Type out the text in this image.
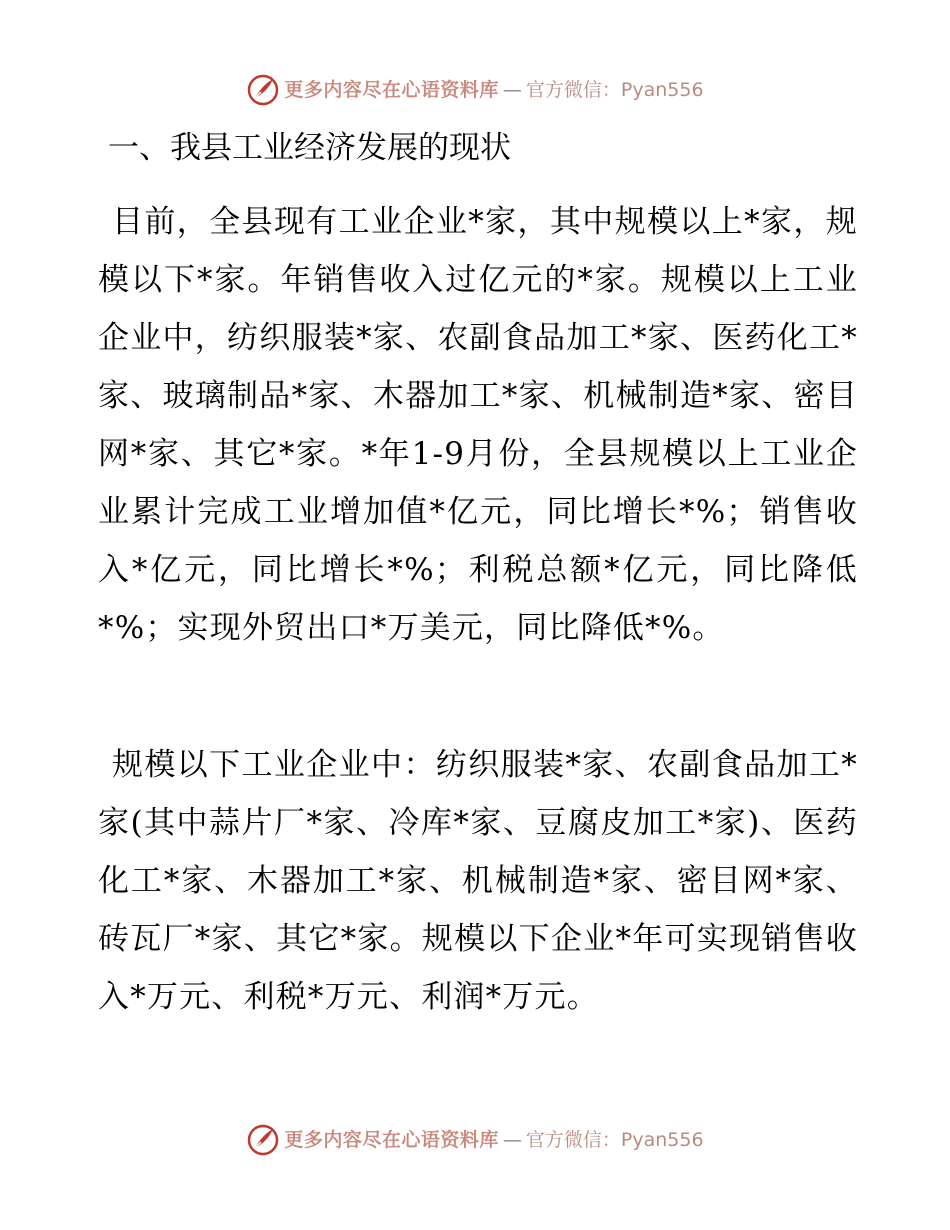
更多内容尽在心语资料库 — 官方微信：Pyan556
一、我县工业经济发展的现状

目前，全县现有工业企业*家，其中规模以上*家，规模以下*家。年销售收入过亿元的*家。规模以上工业企业中，纺织服装*家、农副食品加工*家、医药化工*家、玻璃制品*家、木器加工*家、机械制造*家、密目网*家、其它*家。*年1-9月份，全县规模以上工业企业累计完成工业增加值*亿元，同比增长*%；销售收入*亿元，同比增长*%；利税总额*亿元，同比降低*%；实现外贸出口*万美元，同比降低*%。

规模以下工业企业中：纺织服装*家、农副食品加工*家(其中蒜片厂*家、冷库*家、豆腐皮加工*家)、医药化工*家、木器加工*家、机械制造*家、密目网*家、砖瓦厂*家、其它*家。规模以下企业*年可实现销售收入*万元、利税*万元、利润*万元。

更多内容尽在心语资料库 — 官方微信：Pyan556
